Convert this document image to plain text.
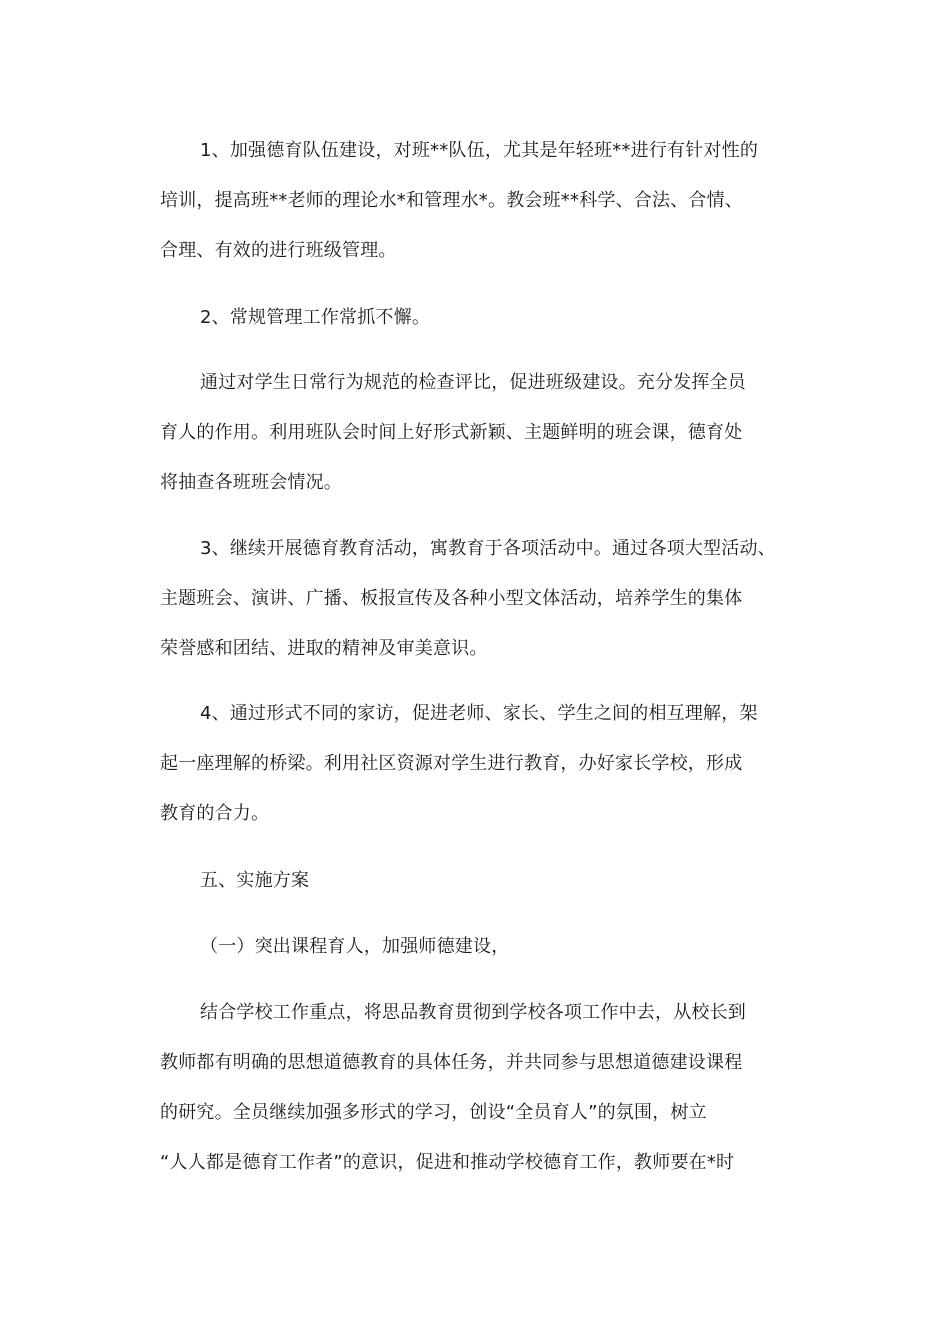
1、加强德育队伍建设，对班**队伍，尤其是年轻班**进行有针对性的
培训，提高班**老师的理论水*和管理水*。教会班**科学、合法、合情、
合理、有效的进行班级管理。

2、常规管理工作常抓不懈。

通过对学生日常行为规范的检查评比，促进班级建设。充分发挥全员
育人的作用。利用班队会时间上好形式新颖、主题鲜明的班会课，德育处
将抽查各班班会情况。

3、继续开展德育教育活动，寓教育于各项活动中。通过各项大型活动、
主题班会、演讲、广播、板报宣传及各种小型文体活动，培养学生的集体
荣誉感和团结、进取的精神及审美意识。

4、通过形式不同的家访，促进老师、家长、学生之间的相互理解，架
起一座理解的桥梁。利用社区资源对学生进行教育，办好家长学校，形成
教育的合力。

五、实施方案

（一）突出课程育人，加强师德建设，

结合学校工作重点，将思品教育贯彻到学校各项工作中去，从校长到
教师都有明确的思想道德教育的具体任务，并共同参与思想道德建设课程
的研究。全员继续加强多形式的学习，创设“全员育人”的氛围，树立
“人人都是德育工作者”的意识，促进和推动学校德育工作，教师要在*时
